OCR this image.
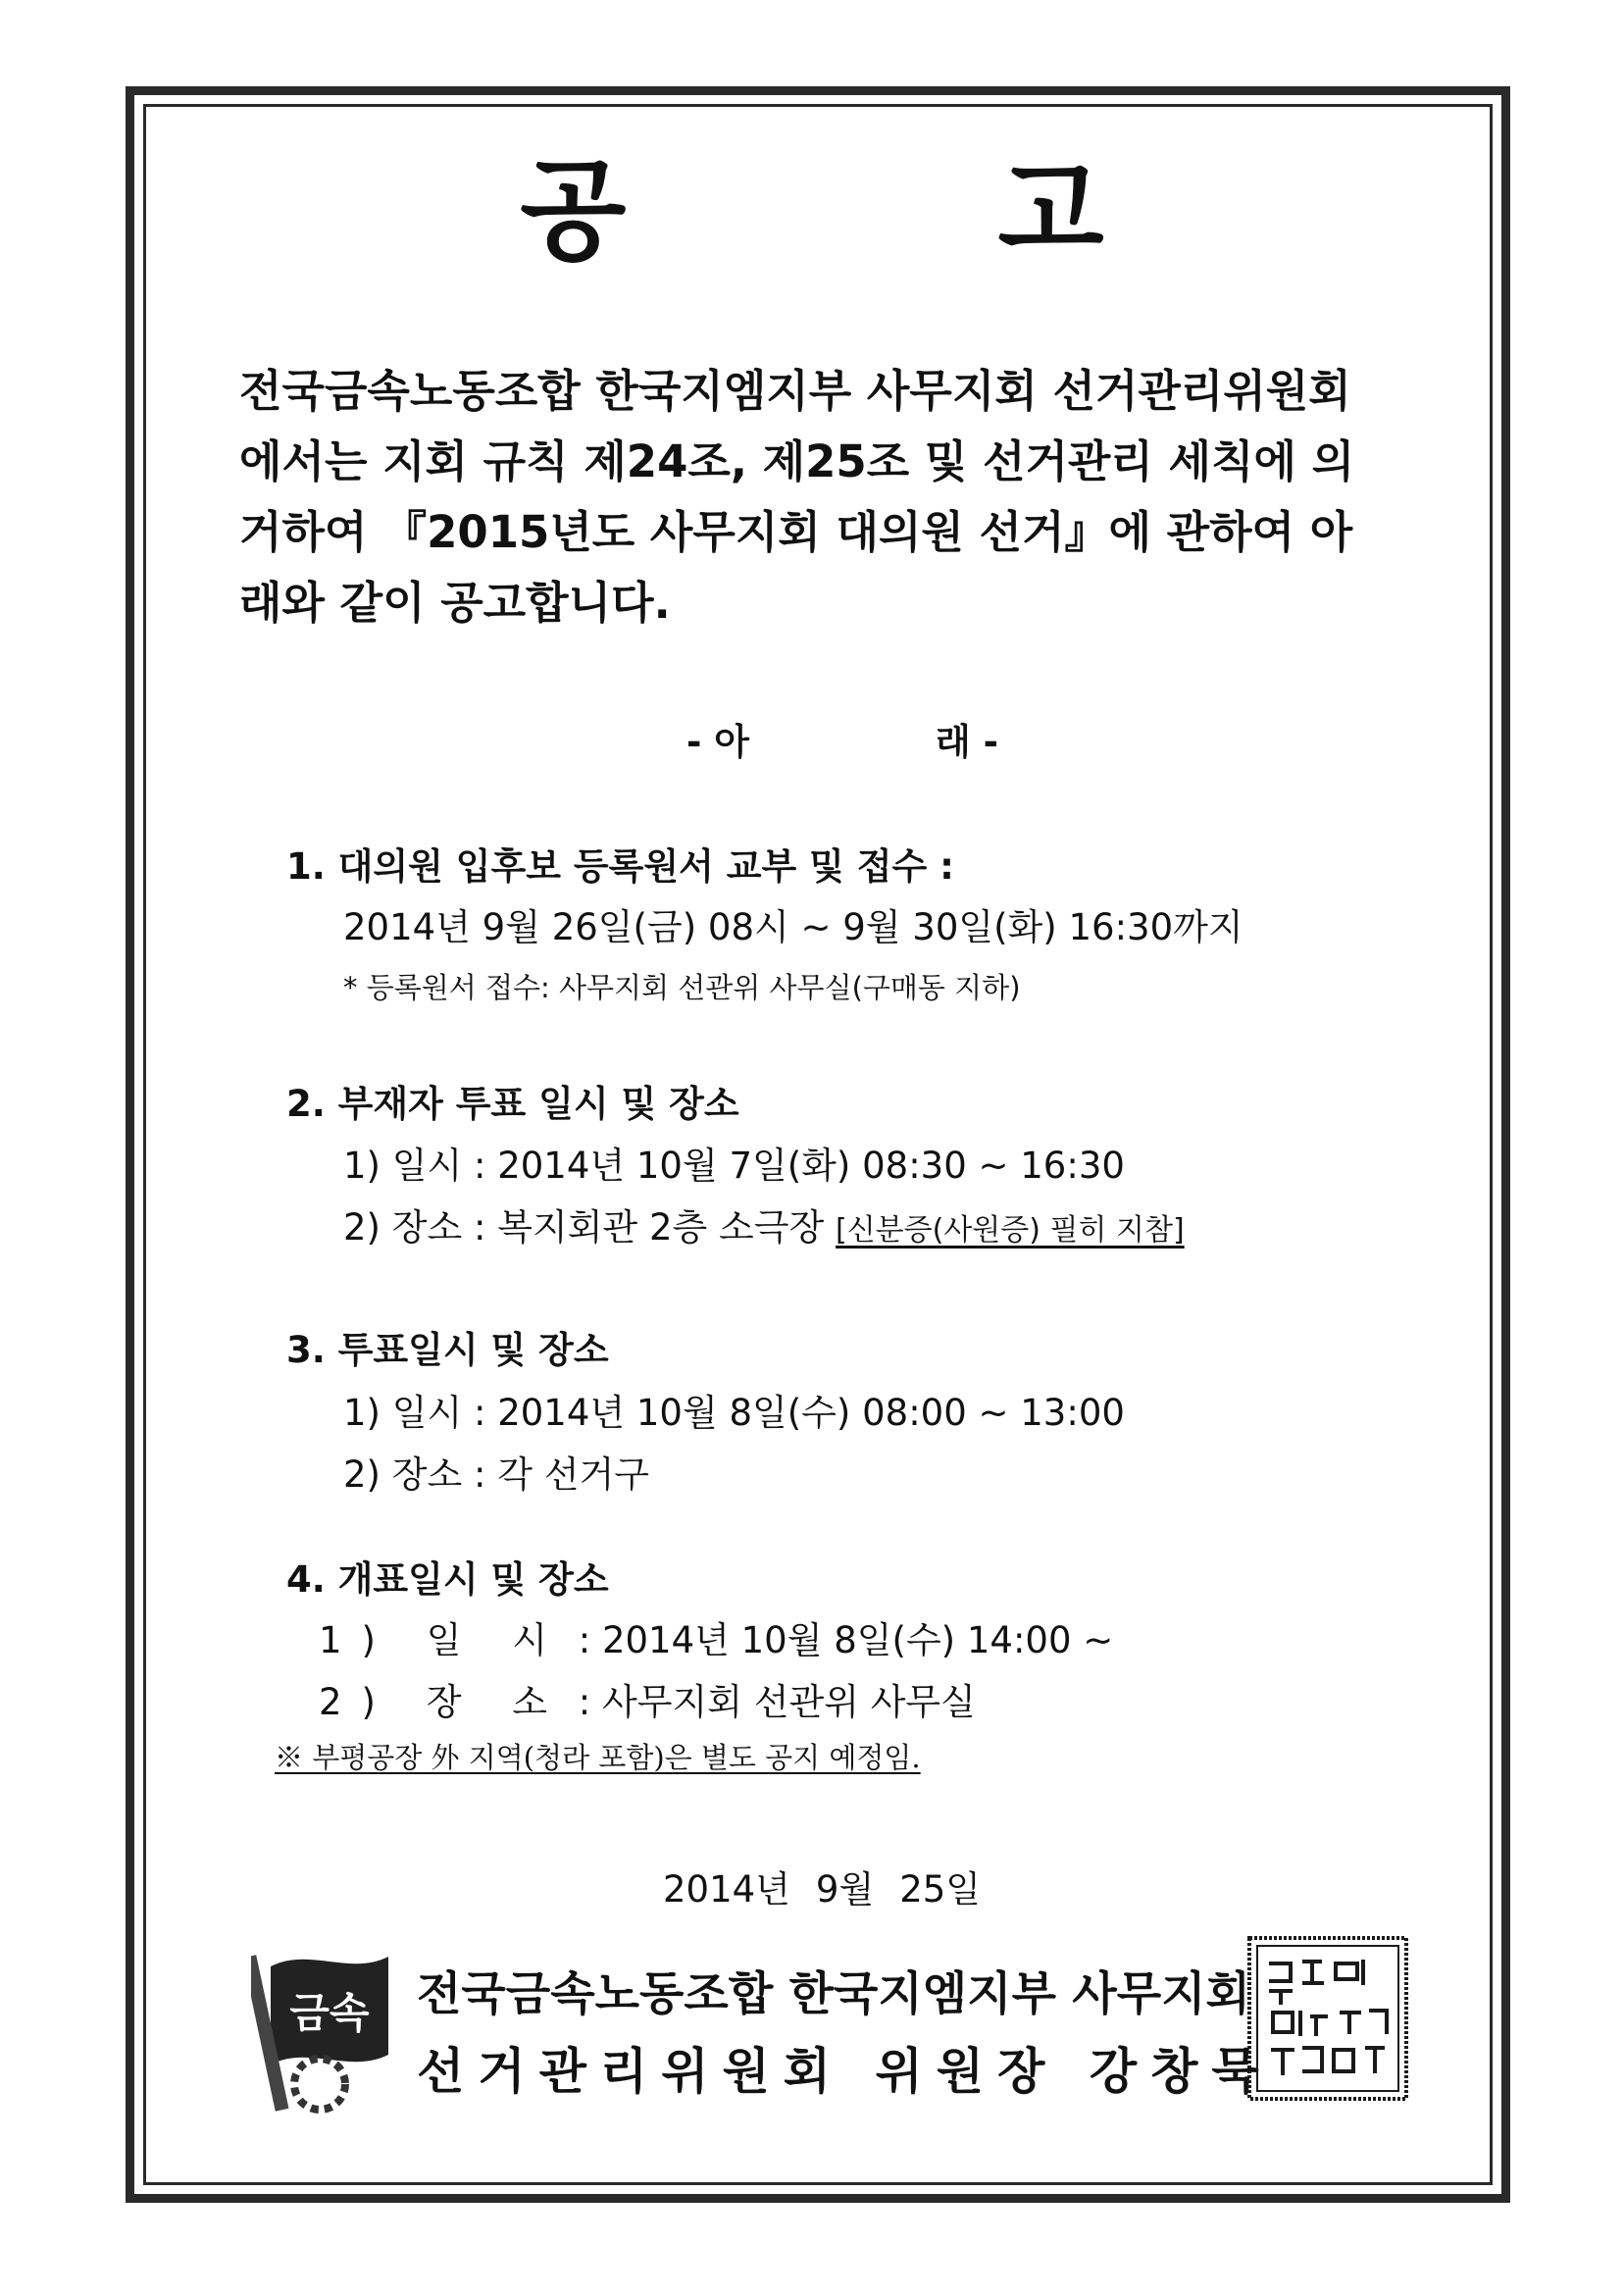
공 고
전국금속노동조합 한국지엠지부 사무지회 선거관리위원회
에서는 지회 규칙 제24조, 제25조 및 선거관리 세칙에 의
거하여 『2015년도 사무지회 대의원 선거』에 관하여 아
래와 같이 공고합니다.
- 아	래 -
1. 대의원 입후보 등록원서 교부 및 접수 :
2014년 9월 26일(금) 08시 ~ 9월 30일(화) 16:30까지
* 등록원서 접수: 사무지회 선관위 사무실(구매동 지하)
2. 부재자 투표 일시 및 장소
1) 일시 : 2014년 10월 7일(화) 08:30 ~ 16:30
2) 장소 : 복지회관 2층 소극장 [신분증(사원증) 필히 지참]
3. 투표일시 및 장소
1) 일시 : 2014년 10월 8일(수) 08:00 ~ 13:00
2) 장소 : 각 선거구
4. 개표일시 및 장소
1) 일 시 : 2014년 10월 8일(수) 14:00 ~
2) 장 소 : 사무지회 선관위 사무실
※ 부평공장 外 지역(청라 포함)은 별도 공지 예정임.
2014년 9월 25일
금속 전국금속노동조합 한국지엠지부 사무지회
선거관리위원회 위원장 강창묵
